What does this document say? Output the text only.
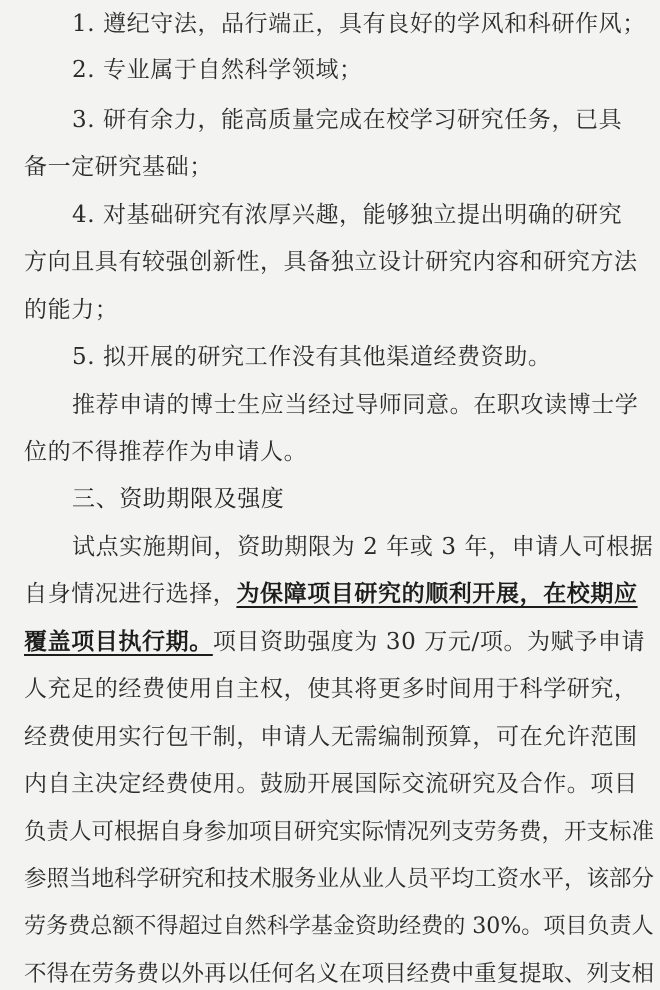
1. 遵纪守法，品行端正，具有良好的学风和科研作风；
2. 专业属于自然科学领域；
3. 研有余力，能高质量完成在校学习研究任务，已具
备一定研究基础；
4. 对基础研究有浓厚兴趣，能够独立提出明确的研究
方向且具有较强创新性，具备独立设计研究内容和研究方法
的能力；
5. 拟开展的研究工作没有其他渠道经费资助。
推荐申请的博士生应当经过导师同意。在职攻读博士学
位的不得推荐作为申请人。
三、资助期限及强度
试点实施期间，资助期限为 2 年或 3 年，申请人可根据
自身情况进行选择，为保障项目研究的顺利开展，在校期应
覆盖项目执行期。项目资助强度为 30 万元/项。为赋予申请
人充足的经费使用自主权，使其将更多时间用于科学研究，
经费使用实行包干制，申请人无需编制预算，可在允许范围
内自主决定经费使用。鼓励开展国际交流研究及合作。项目
负责人可根据自身参加项目研究实际情况列支劳务费，开支标准
参照当地科学研究和技术服务业从业人员平均工资水平，该部分
劳务费总额不得超过自然科学基金资助经费的 30%。项目负责人
不得在劳务费以外再以任何名义在项目经费中重复提取、列支相
